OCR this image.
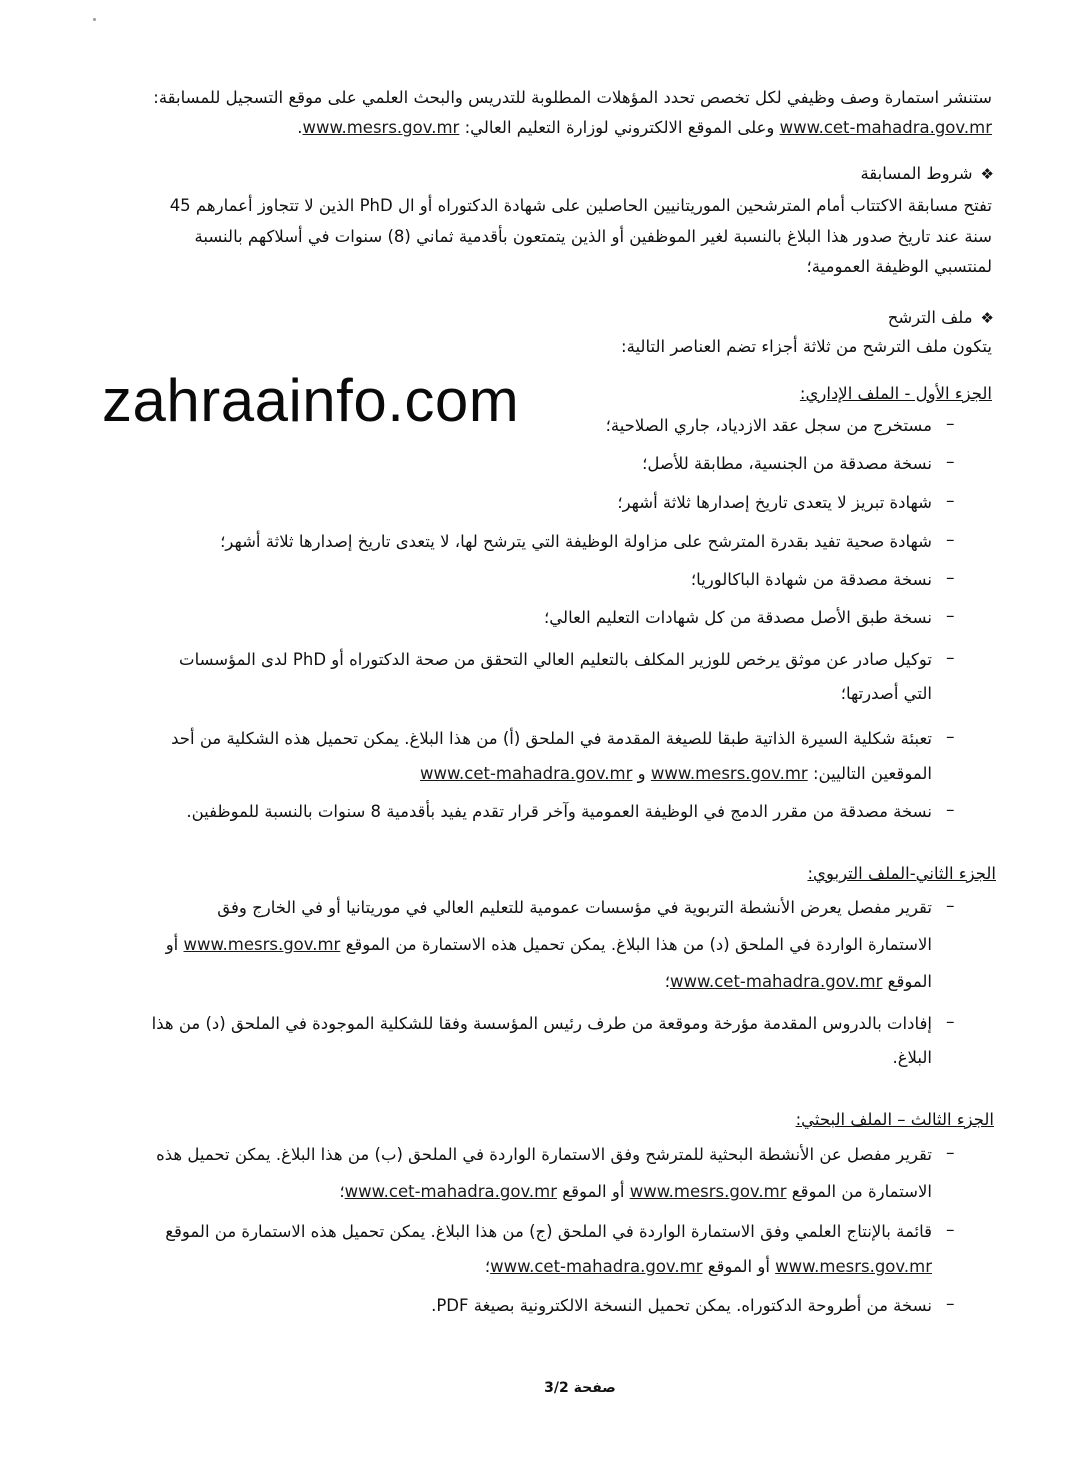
ستنشر استمارة وصف وظيفي لكل تخصص تحدد المؤهلات المطلوبة للتدريس والبحث العلمي على موقع التسجيل للمسابقة:
www.cet-mahadra.gov.mr وعلى الموقع الالكتروني لوزارة التعليم العالي: www.mesrs.gov.mr.
❖شروط المسابقة
تفتح مسابقة الاكتتاب أمام المترشحين الموريتانيين الحاصلين على شهادة الدكتوراه أو ال PhD الذين لا تتجاوز أعمارهم 45
سنة عند تاريخ صدور هذا البلاغ بالنسبة لغير الموظفين أو الذين يتمتعون بأقدمية ثماني (8) سنوات في أسلاكهم بالنسبة
لمنتسبي الوظيفة العمومية؛
❖ملف الترشح
يتكون ملف الترشح من ثلاثة أجزاء تضم العناصر التالية:
zahraainfo.com	الجزء الأول - الملف الإداري:
مستخرج من سجل عقد الازدياد، جاري الصلاحية؛ –
نسخة مصدقة من الجنسية، مطابقة للأصل؛ –
شهادة تبريز لا يتعدى تاريخ إصدارها ثلاثة أشهر؛ –
شهادة صحية تفيد بقدرة المترشح على مزاولة الوظيفة التي يترشح لها، لا يتعدى تاريخ إصدارها ثلاثة أشهر؛ –
نسخة مصدقة من شهادة الباكالوريا؛ –
نسخة طبق الأصل مصدقة من كل شهادات التعليم العالي؛ –
توكيل صادر عن موثق يرخص للوزير المكلف بالتعليم العالي التحقق من صحة الدكتوراه أو PhD لدى المؤسسات –
التي أصدرتها؛
تعبئة شكلية السيرة الذاتية طبقا للصيغة المقدمة في الملحق (أ) من هذا البلاغ. يمكن تحميل هذه الشكلية من أحد –
الموقعين التاليين: www.mesrs.gov.mr و www.cet-mahadra.gov.mr
نسخة مصدقة من مقرر الدمج في الوظيفة العمومية وآخر قرار تقدم يفيد بأقدمية 8 سنوات بالنسبة للموظفين. –
الجزء الثاني-الملف التربوي:
تقرير مفصل يعرض الأنشطة التربوية في مؤسسات عمومية للتعليم العالي في موريتانيا أو في الخارج وفق –
الاستمارة الواردة في الملحق (د) من هذا البلاغ. يمكن تحميل هذه الاستمارة من الموقع www.mesrs.gov.mr أو
الموقع www.cet-mahadra.gov.mr؛
إفادات بالدروس المقدمة مؤرخة وموقعة من طرف رئيس المؤسسة وفقا للشكلية الموجودة في الملحق (د) من هذا –
البلاغ.
الجزء الثالث – الملف البحثي:
تقرير مفصل عن الأنشطة البحثية للمترشح وفق الاستمارة الواردة في الملحق (ب) من هذا البلاغ. يمكن تحميل هذه –
الاستمارة من الموقع www.mesrs.gov.mr أو الموقع www.cet-mahadra.gov.mr؛
قائمة بالإنتاج العلمي وفق الاستمارة الواردة في الملحق (ج) من هذا البلاغ. يمكن تحميل هذه الاستمارة من الموقع –
www.mesrs.gov.mr أو الموقع www.cet-mahadra.gov.mr؛
نسخة من أطروحة الدكتوراه. يمكن تحميل النسخة الالكترونية بصيغة PDF. –
صفحة 3/2
